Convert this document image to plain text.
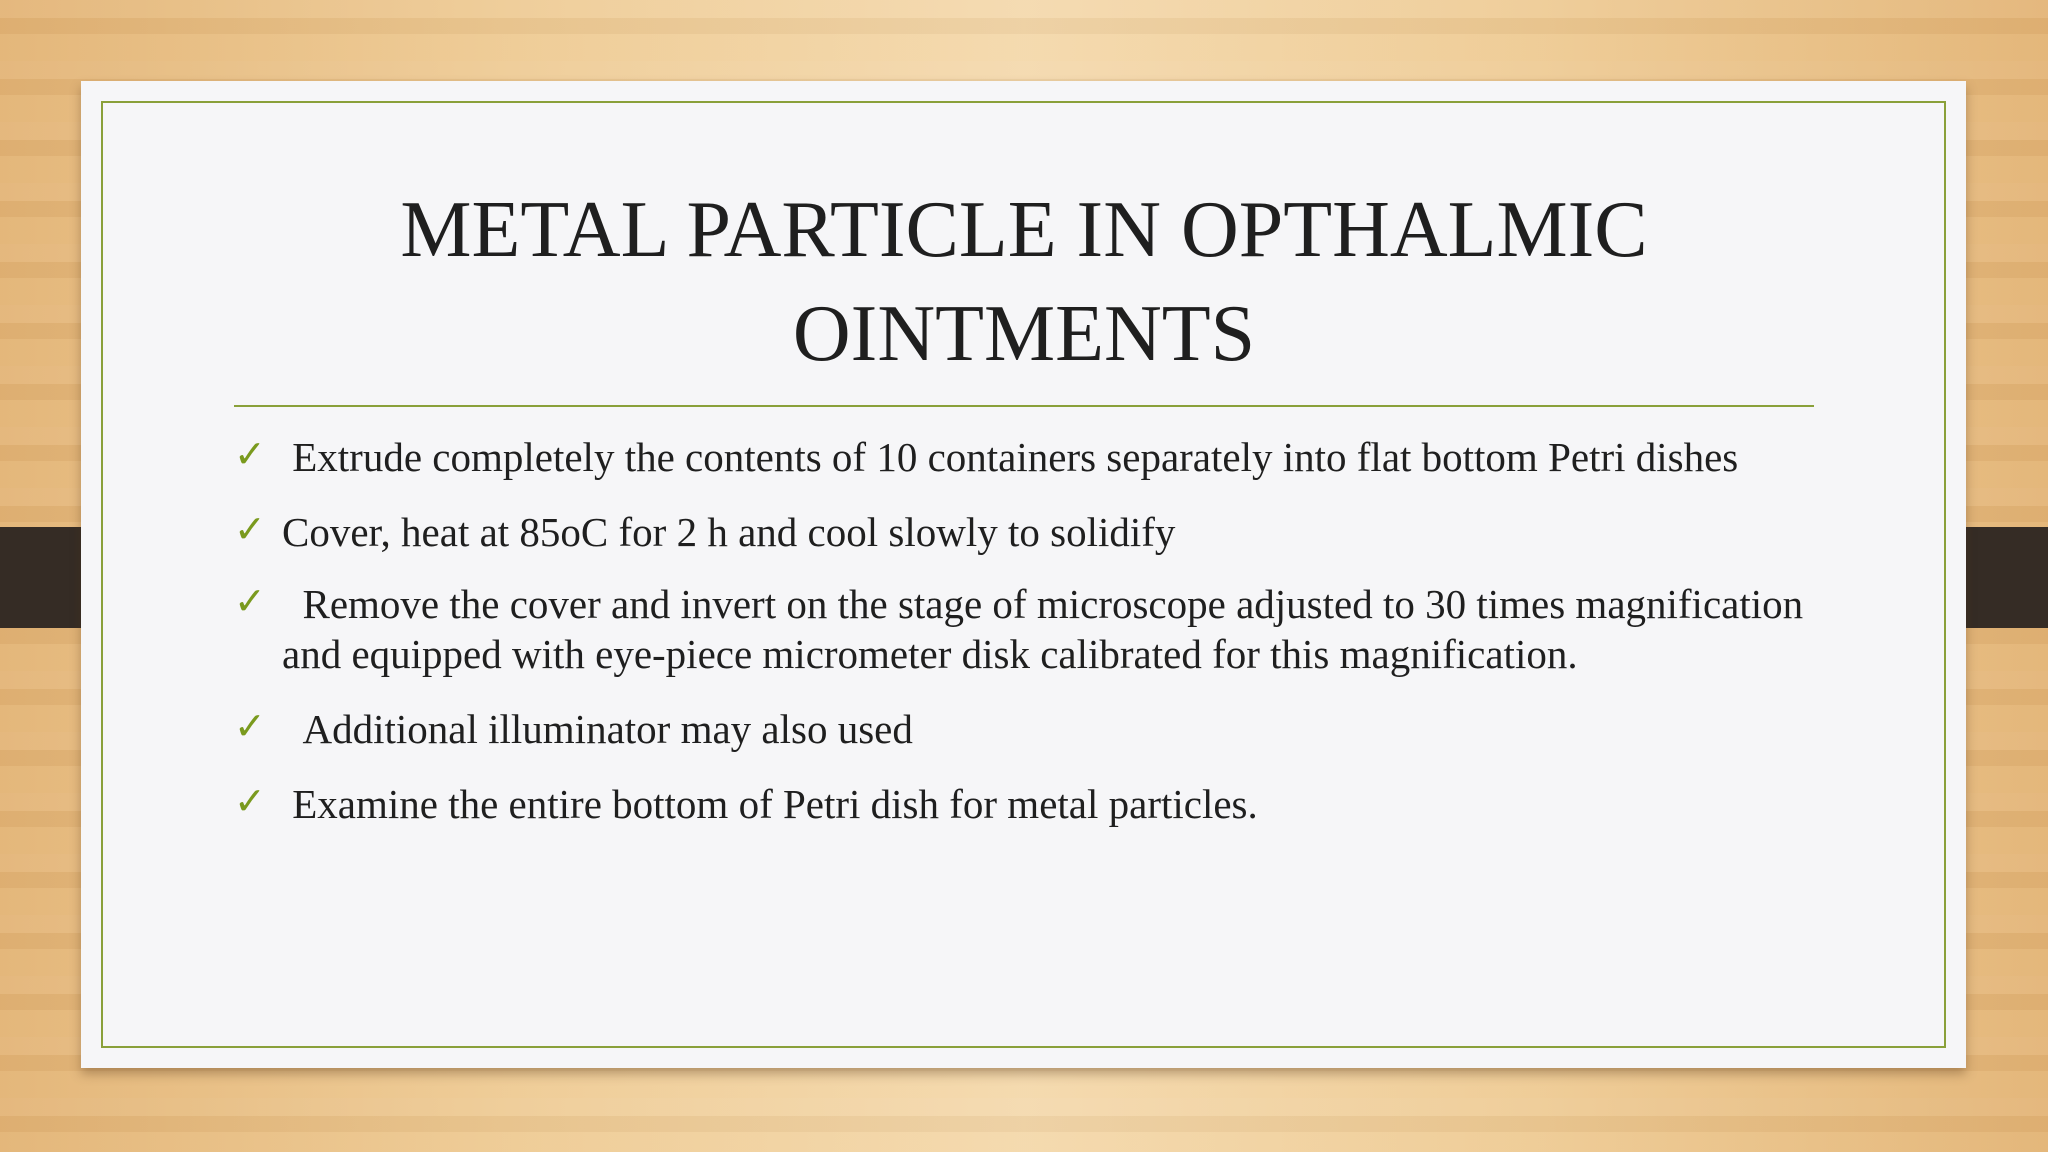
METAL PARTICLE IN OPTHALMIC OINTMENTS
✓ Extrude completely the contents of 10 containers separately into flat bottom Petri dishes
✓ Cover, heat at 85oC for 2 h and cool slowly to solidify
✓ Remove the cover and invert on the stage of microscope adjusted to 30 times magnification and equipped with eye-piece micrometer disk calibrated for this magnification.
✓ Additional illuminator may also used
✓ Examine the entire bottom of Petri dish for metal particles.
